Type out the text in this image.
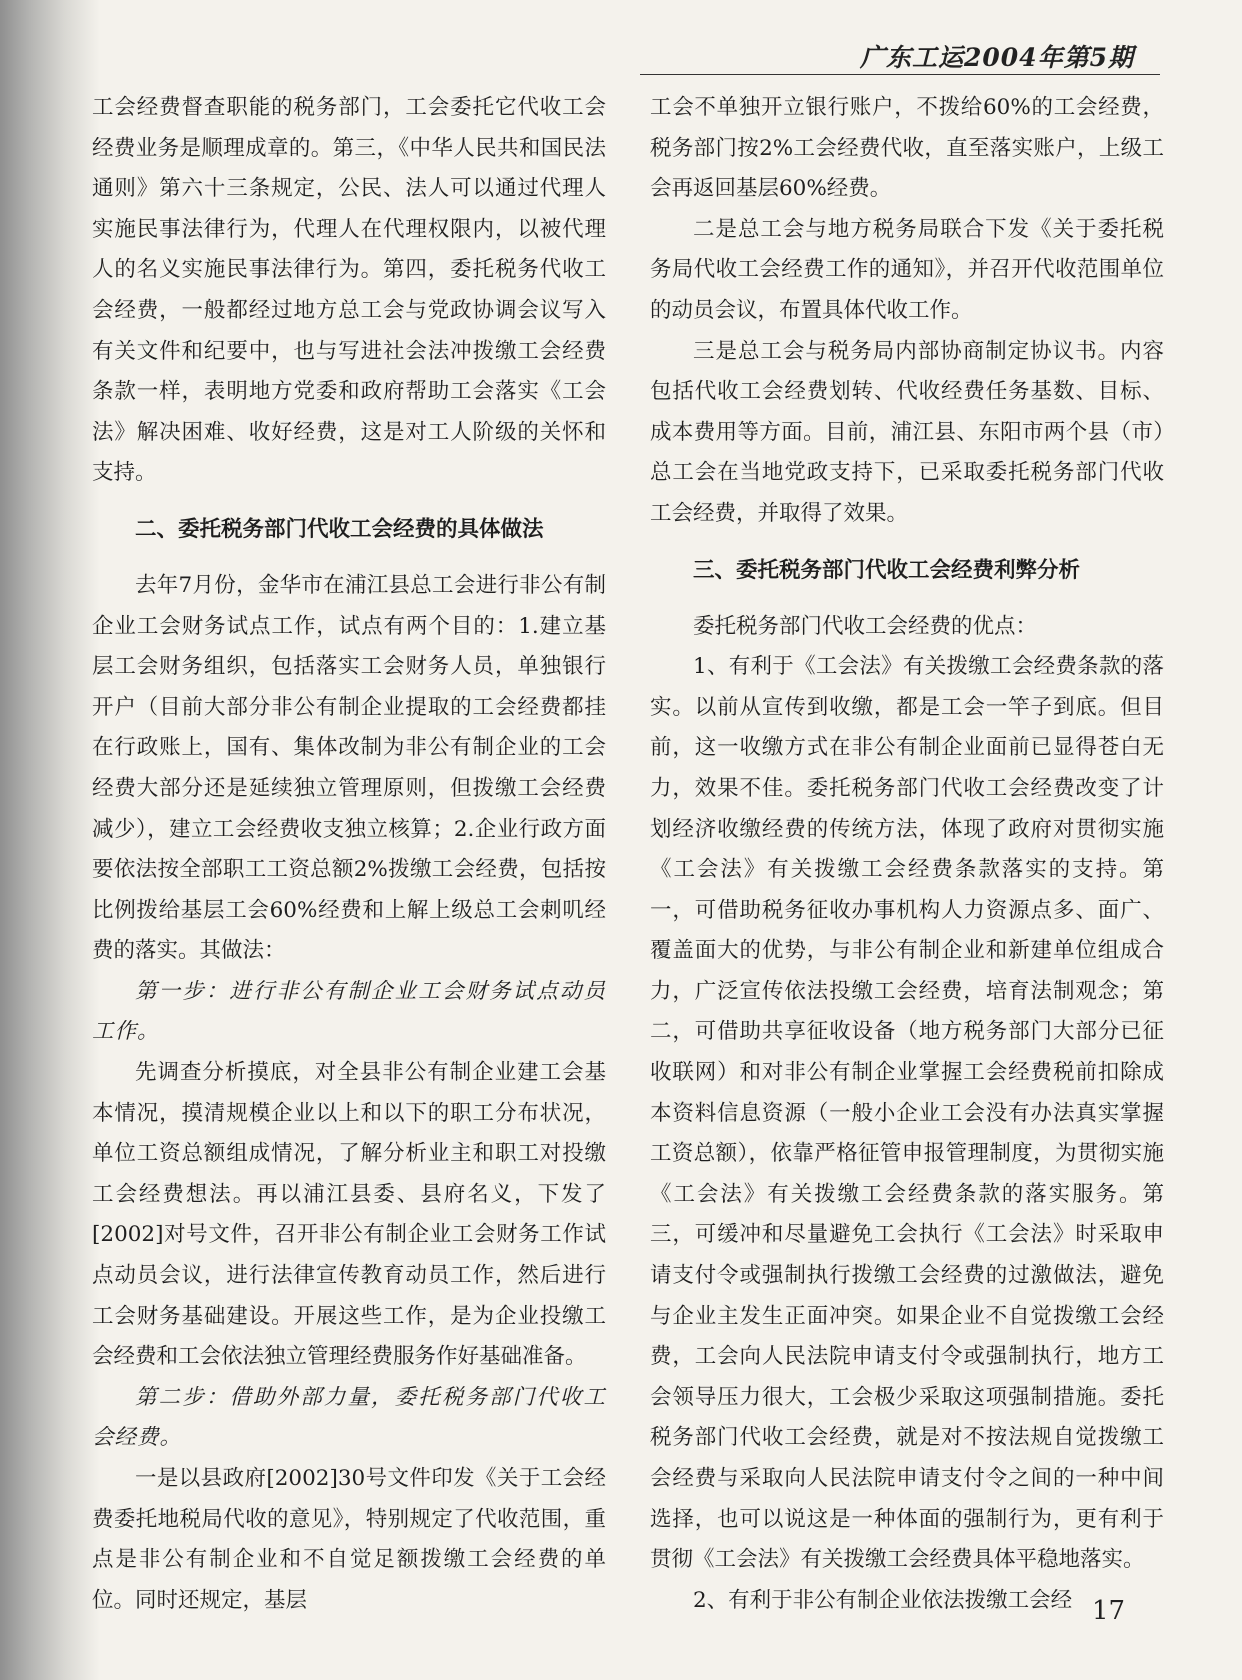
广东工运2004年第5期

工会经费督查职能的税务部门，工会委托它代收工会经费业务是顺理成章的。第三，《中华人民共和国民法通则》第六十三条规定，公民、法人可以通过代理人实施民事法律行为，代理人在代理权限内，以被代理人的名义实施民事法律行为。第四，委托税务代收工会经费，一般都经过地方总工会与党政协调会议写入有关文件和纪要中，也与写进社会法冲拨缴工会经费条款一样，表明地方党委和政府帮助工会落实《工会法》解决困难、收好经费，这是对工人阶级的关怀和支持。

二、委托税务部门代收工会经费的具体做法

去年7月份，金华市在浦江县总工会进行非公有制企业工会财务试点工作，试点有两个目的：1.建立基层工会财务组织，包括落实工会财务人员，单独银行开户（目前大部分非公有制企业提取的工会经费都挂在行政账上，国有、集体改制为非公有制企业的工会经费大部分还是延续独立管理原则，但拨缴工会经费减少），建立工会经费收支独立核算；2.企业行政方面要依法按全部职工工资总额2%拨缴工会经费，包括按比例拨给基层工会60%经费和上解上级总工会刺叽经费的落实。其做法：

第一步：进行非公有制企业工会财务试点动员工作。

先调查分析摸底，对全县非公有制企业建工会基本情况，摸清规模企业以上和以下的职工分布状况，单位工资总额组成情况，了解分析业主和职工对投缴工会经费想法。再以浦江县委、县府名义，下发了[2002]对号文件，召开非公有制企业工会财务工作试点动员会议，进行法律宣传教育动员工作，然后进行工会财务基础建设。开展这些工作，是为企业投缴工会经费和工会依法独立管理经费服务作好基础准备。

第二步：借助外部力量，委托税务部门代收工会经费。

一是以县政府[2002]30号文件印发《关于工会经费委托地税局代收的意见》，特别规定了代收范围，重点是非公有制企业和不自觉足额拨缴工会经费的单位。同时还规定，基层

工会不单独开立银行账户，不拨给60%的工会经费，税务部门按2%工会经费代收，直至落实账户，上级工会再返回基层60%经费。

二是总工会与地方税务局联合下发《关于委托税务局代收工会经费工作的通知》，并召开代收范围单位的动员会议，布置具体代收工作。

三是总工会与税务局内部协商制定协议书。内容包括代收工会经费划转、代收经费任务基数、目标、成本费用等方面。目前，浦江县、东阳市两个县（市）总工会在当地党政支持下，已采取委托税务部门代收工会经费，并取得了效果。

三、委托税务部门代收工会经费利弊分析

委托税务部门代收工会经费的优点：

1、有利于《工会法》有关拨缴工会经费条款的落实。以前从宣传到收缴，都是工会一竿子到底。但目前，这一收缴方式在非公有制企业面前已显得苍白无力，效果不佳。委托税务部门代收工会经费改变了计划经济收缴经费的传统方法，体现了政府对贯彻实施《工会法》有关拨缴工会经费条款落实的支持。第一，可借助税务征收办事机构人力资源点多、面广、覆盖面大的优势，与非公有制企业和新建单位组成合力，广泛宣传依法投缴工会经费，培育法制观念；第二，可借助共享征收设备（地方税务部门大部分已征收联网）和对非公有制企业掌握工会经费税前扣除成本资料信息资源（一般小企业工会没有办法真实掌握工资总额），依靠严格征管申报管理制度，为贯彻实施《工会法》有关拨缴工会经费条款的落实服务。第三，可缓冲和尽量避免工会执行《工会法》时采取申请支付令或强制执行拨缴工会经费的过激做法，避免与企业主发生正面冲突。如果企业不自觉拨缴工会经费，工会向人民法院申请支付令或强制执行，地方工会领导压力很大，工会极少采取这项强制措施。委托税务部门代收工会经费，就是对不按法规自觉拨缴工会经费与采取向人民法院申请支付令之间的一种中间选择，也可以说这是一种体面的强制行为，更有利于贯彻《工会法》有关拨缴工会经费具体平稳地落实。

2、有利于非公有制企业依法拨缴工会经 17
